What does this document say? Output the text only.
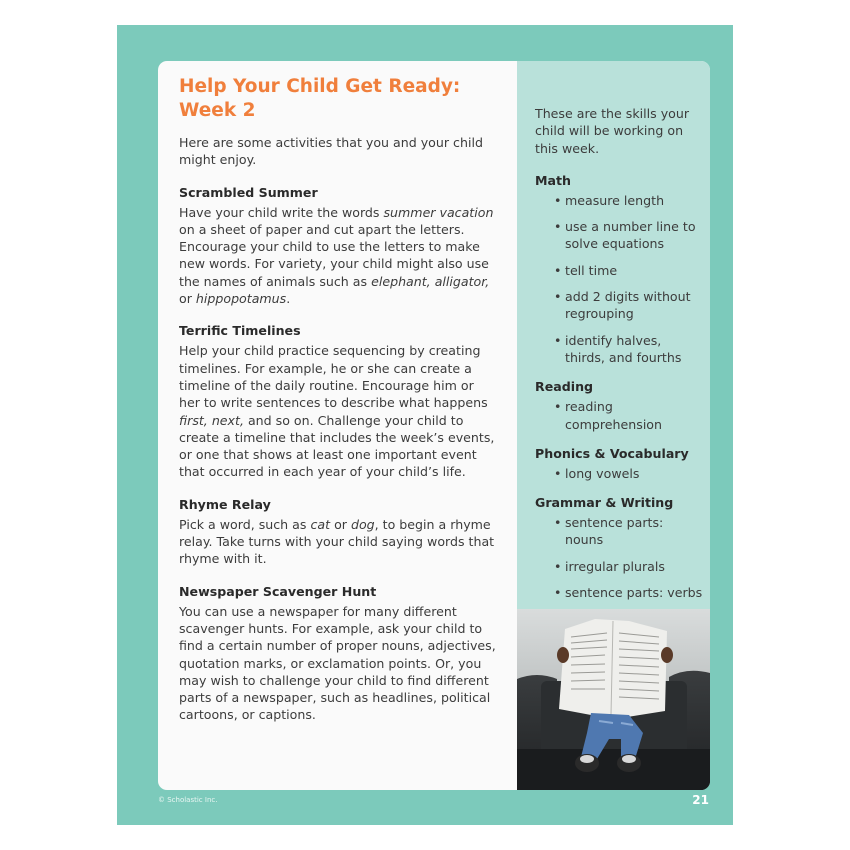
Help Your Child Get Ready: Week 2

Here are some activities that you and your child might enjoy.

Scrambled Summer

Have your child write the words summer vacation on a sheet of paper and cut apart the letters. Encourage your child to use the letters to make new words. For variety, your child might also use the names of animals such as elephant, alligator, or hippopotamus.

Terrific Timelines

Help your child practice sequencing by creating timelines. For example, he or she can create a timeline of the daily routine. Encourage him or her to write sentences to describe what happens first, next, and so on. Challenge your child to create a timeline that includes the week’s events, or one that shows at least one important event that occurred in each year of your child’s life.

Rhyme Relay

Pick a word, such as cat or dog, to begin a rhyme relay. Take turns with your child saying words that rhyme with it.

Newspaper Scavenger Hunt

You can use a newspaper for many different scavenger hunts. For example, ask your child to find a certain number of proper nouns, adjectives, quotation marks, or exclamation points. Or, you may wish to challenge your child to find different parts of a newspaper, such as headlines, political cartoons, or captions.

These are the skills your child will be working on this week.

Math
• measure length
• use a number line to solve equations
• tell time
• add 2 digits without regrouping
• identify halves, thirds, and fourths
Reading
• reading comprehension
Phonics & Vocabulary
• long vowels
Grammar & Writing
• sentence parts: nouns
• irregular plurals
• sentence parts: verbs
© Scholastic Inc.	21
